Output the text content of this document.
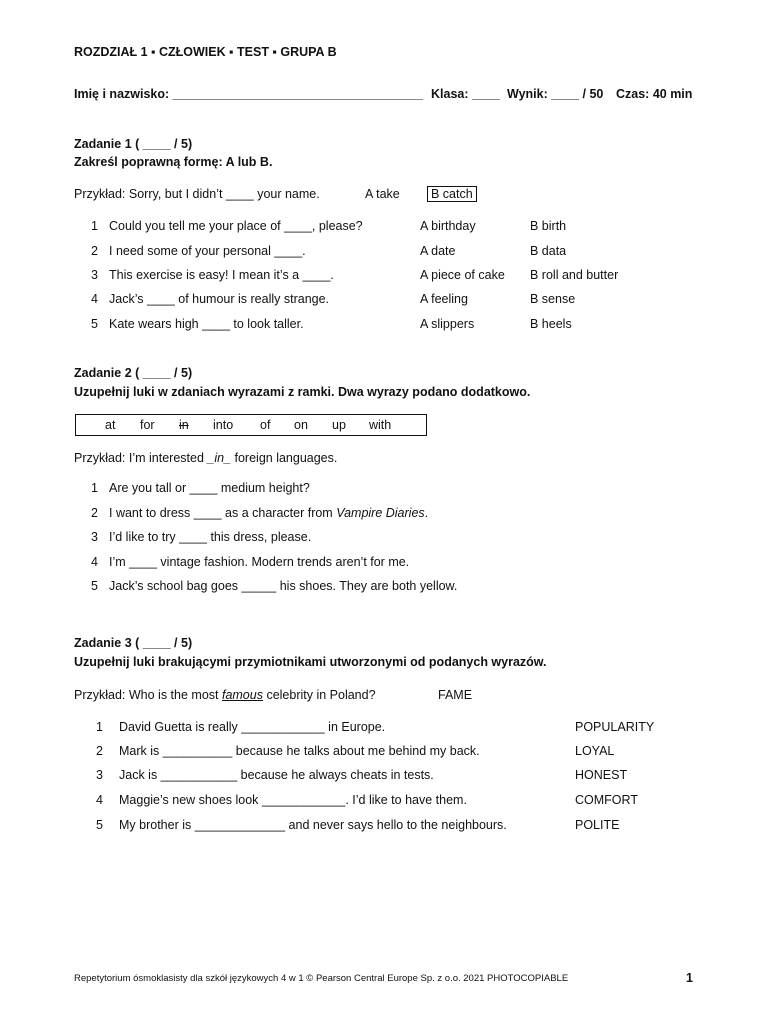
ROZDZIAŁ 1 ▪ CZŁOWIEK ▪ TEST ▪ GRUPA B
Imię i nazwisko: ____________________________________ Klasa: ____ Wynik: ____ / 50 Czas: 40 min
Zadanie 1 ( ____ / 5)
Zakreśl poprawną formę: A lub B.
Przykład: Sorry, but I didn’t ____ your name.	A take	B catch
1 Could you tell me your place of ____, please?	A birthday	B birth
2 I need some of your personal ____.	A date	B data
3 This exercise is easy! I mean it’s a ____.	A piece of cake B roll and butter
4 Jack’s ____ of humour is really strange.	A feeling	B sense
5 Kate wears high ____ to look taller.	A slippers	B heels
Zadanie 2 ( ____ / 5)
Uzupełnij luki w zdaniach wyrazami z ramki. Dwa wyrazy podano dodatkowo.
at for in into of on up with
Przykład: I’m interested _in_ foreign languages.
1 Are you tall or ____ medium height?
2 I want to dress ____ as a character from Vampire Diaries.
3 I’d like to try ____ this dress, please.
4 I’m ____ vintage fashion. Modern trends aren’t for me.
5 Jack’s school bag goes _____ his shoes. They are both yellow.
Zadanie 3 ( ____ / 5)
Uzupełnij luki brakującymi przymiotnikami utworzonymi od podanych wyrazów.
Przykład: Who is the most famous celebrity in Poland?	FAME
1 David Guetta is really ____________ in Europe.	POPULARITY
2 Mark is __________ because he talks about me behind my back.	LOYAL
3 Jack is ___________ because he always cheats in tests.	HONEST
4 Maggie’s new shoes look ____________. I’d like to have them.	COMFORT
5 My brother is _____________ and never says hello to the neighbours.	POLITE
Repetytorium ósmoklasisty dla szkół językowych 4 w 1 © Pearson Central Europe Sp. z o.o. 2021 PHOTOCOPIABLE	1
